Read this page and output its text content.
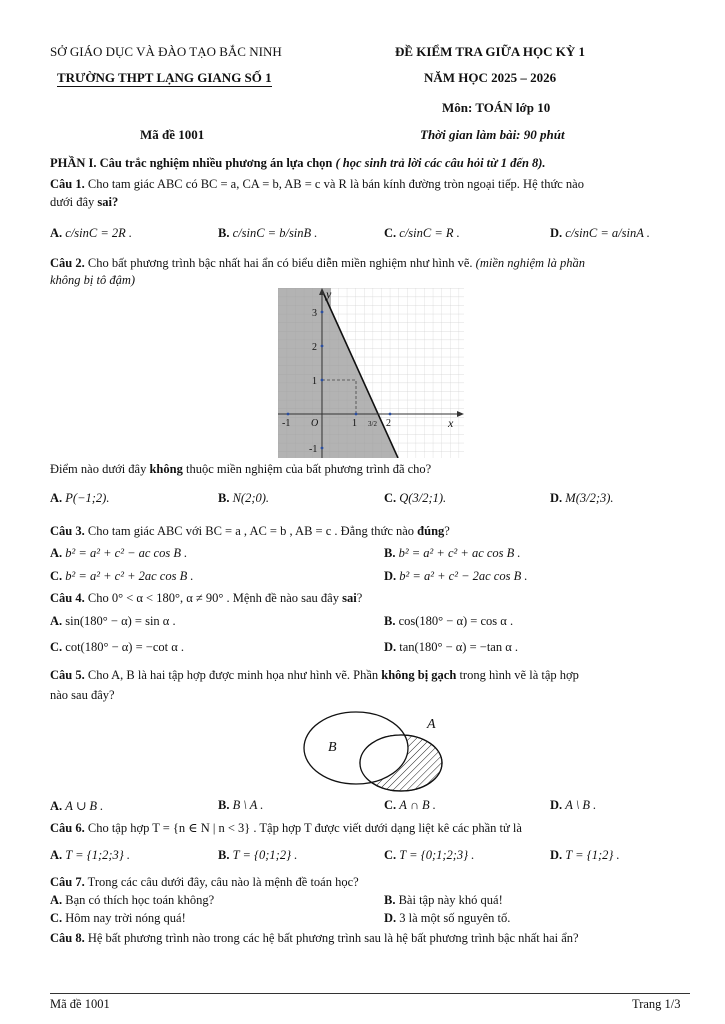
SỞ GIÁO DỤC VÀ ĐÀO TẠO BẮC NINH
TRƯỜNG THPT LẠNG GIANG SỐ 1
ĐỀ KIỂM TRA GIỮA HỌC KỲ 1
NĂM HỌC 2025 – 2026
Môn: TOÁN lớp 10
Mã đề 1001	Thời gian làm bài: 90 phút
PHẦN I. Câu trắc nghiệm nhiều phương án lựa chọn ( học sinh trả lời các câu hỏi từ 1 đến 8).
Câu 1. Cho tam giác ABC có BC = a, CA = b, AB = c và R là bán kính đường tròn ngoại tiếp. Hệ thức nào
dưới đây sai?
A. c/sinC = 2R .	B. c/sinC = b/sinB .	C. c/sinC = R .	D. c/sinC = a/sinA .
Câu 2. Cho bất phương trình bậc nhất hai ẩn có biểu diễn miền nghiệm như hình vẽ. (miền nghiệm là phần
không bị tô đậm)
x
y
-1 O	1 3/2 2
3
2
1
-1
Điểm nào dưới đây không thuộc miền nghiệm của bất phương trình đã cho?
A. P(−1;2).	B. N(2;0).	C. Q(3/2;1).	D. M(3/2;3).
Câu 3. Cho tam giác ABC với BC = a , AC = b , AB = c . Đẳng thức nào đúng?
A. b² = a² + c² − ac cos B .	B. b² = a² + c² + ac cos B .
C. b² = a² + c² + 2ac cos B .	D. b² = a² + c² − 2ac cos B .
Câu 4. Cho 0° < α < 180°, α ≠ 90° . Mệnh đề nào sau đây sai?
A. sin(180° − α) = sin α .	B. cos(180° − α) = cos α .
C. cot(180° − α) = −cot α .	D. tan(180° − α) = −tan α .
Câu 5. Cho A, B là hai tập hợp được minh họa như hình vẽ. Phần không bị gạch trong hình vẽ là tập hợp
nào sau đây?
A
B
A. A ∪ B .	B. B \ A .	C. A ∩ B .	D. A \ B .
Câu 6. Cho tập hợp T = {n ∈ N | n < 3} . Tập hợp T được viết dưới dạng liệt kê các phần tử là
A. T = {1;2;3} .	B. T = {0;1;2} .	C. T = {0;1;2;3} .	D. T = {1;2} .
Câu 7. Trong các câu dưới đây, câu nào là mệnh đề toán học?
A. Bạn có thích học toán không?	B. Bài tập này khó quá!
C. Hôm nay trời nóng quá!	D. 3 là một số nguyên tố.
Câu 8. Hệ bất phương trình nào trong các hệ bất phương trình sau là hệ bất phương trình bậc nhất hai ẩn?
Mã đề 1001	Trang 1/3
